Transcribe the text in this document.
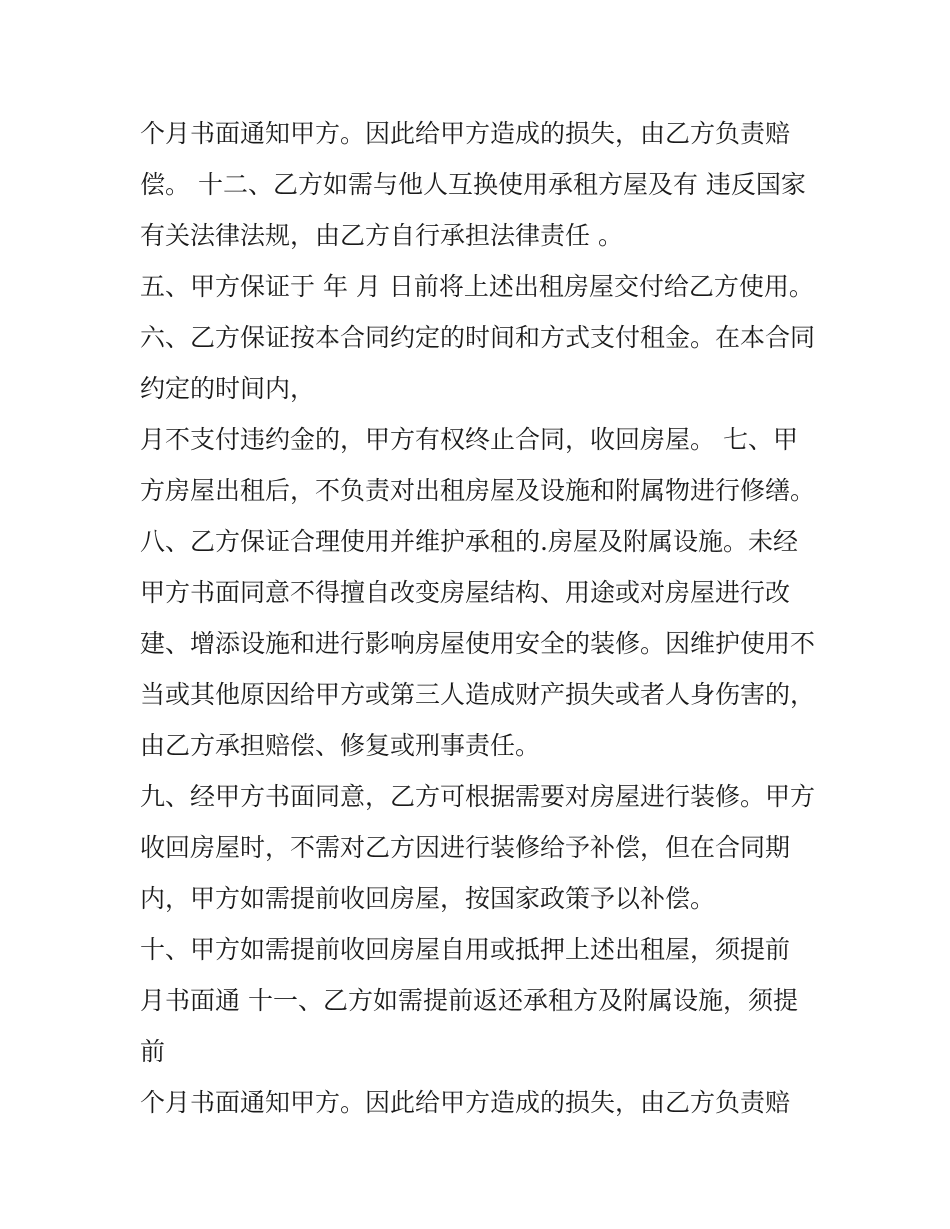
个月书面通知甲方。因此给甲方造成的损失，由乙方负责赔
偿。 十二、乙方如需与他人互换使用承租方屋及有 违反国家
有关法律法规，由乙方自行承担法律责任 。
五、甲方保证于 年 月 日前将上述出租房屋交付给乙方使用。
六、乙方保证按本合同约定的时间和方式支付租金。在本合同
约定的时间内，
月不支付违约金的，甲方有权终止合同，收回房屋。 七、甲
方房屋出租后，不负责对出租房屋及设施和附属物进行修缮。
八、乙方保证合理使用并维护承租的.房屋及附属设施。未经
甲方书面同意不得擅自改变房屋结构、用途或对房屋进行改
建、增添设施和进行影响房屋使用安全的装修。因维护使用不
当或其他原因给甲方或第三人造成财产损失或者人身伤害的，
由乙方承担赔偿、修复或刑事责任。
九、经甲方书面同意，乙方可根据需要对房屋进行装修。甲方
收回房屋时，不需对乙方因进行装修给予补偿，但在合同期
内，甲方如需提前收回房屋，按国家政策予以补偿。
十、甲方如需提前收回房屋自用或抵押上述出租屋，须提前
月书面通 十一、乙方如需提前返还承租方及附属设施，须提
前
个月书面通知甲方。因此给甲方造成的损失，由乙方负责赔
